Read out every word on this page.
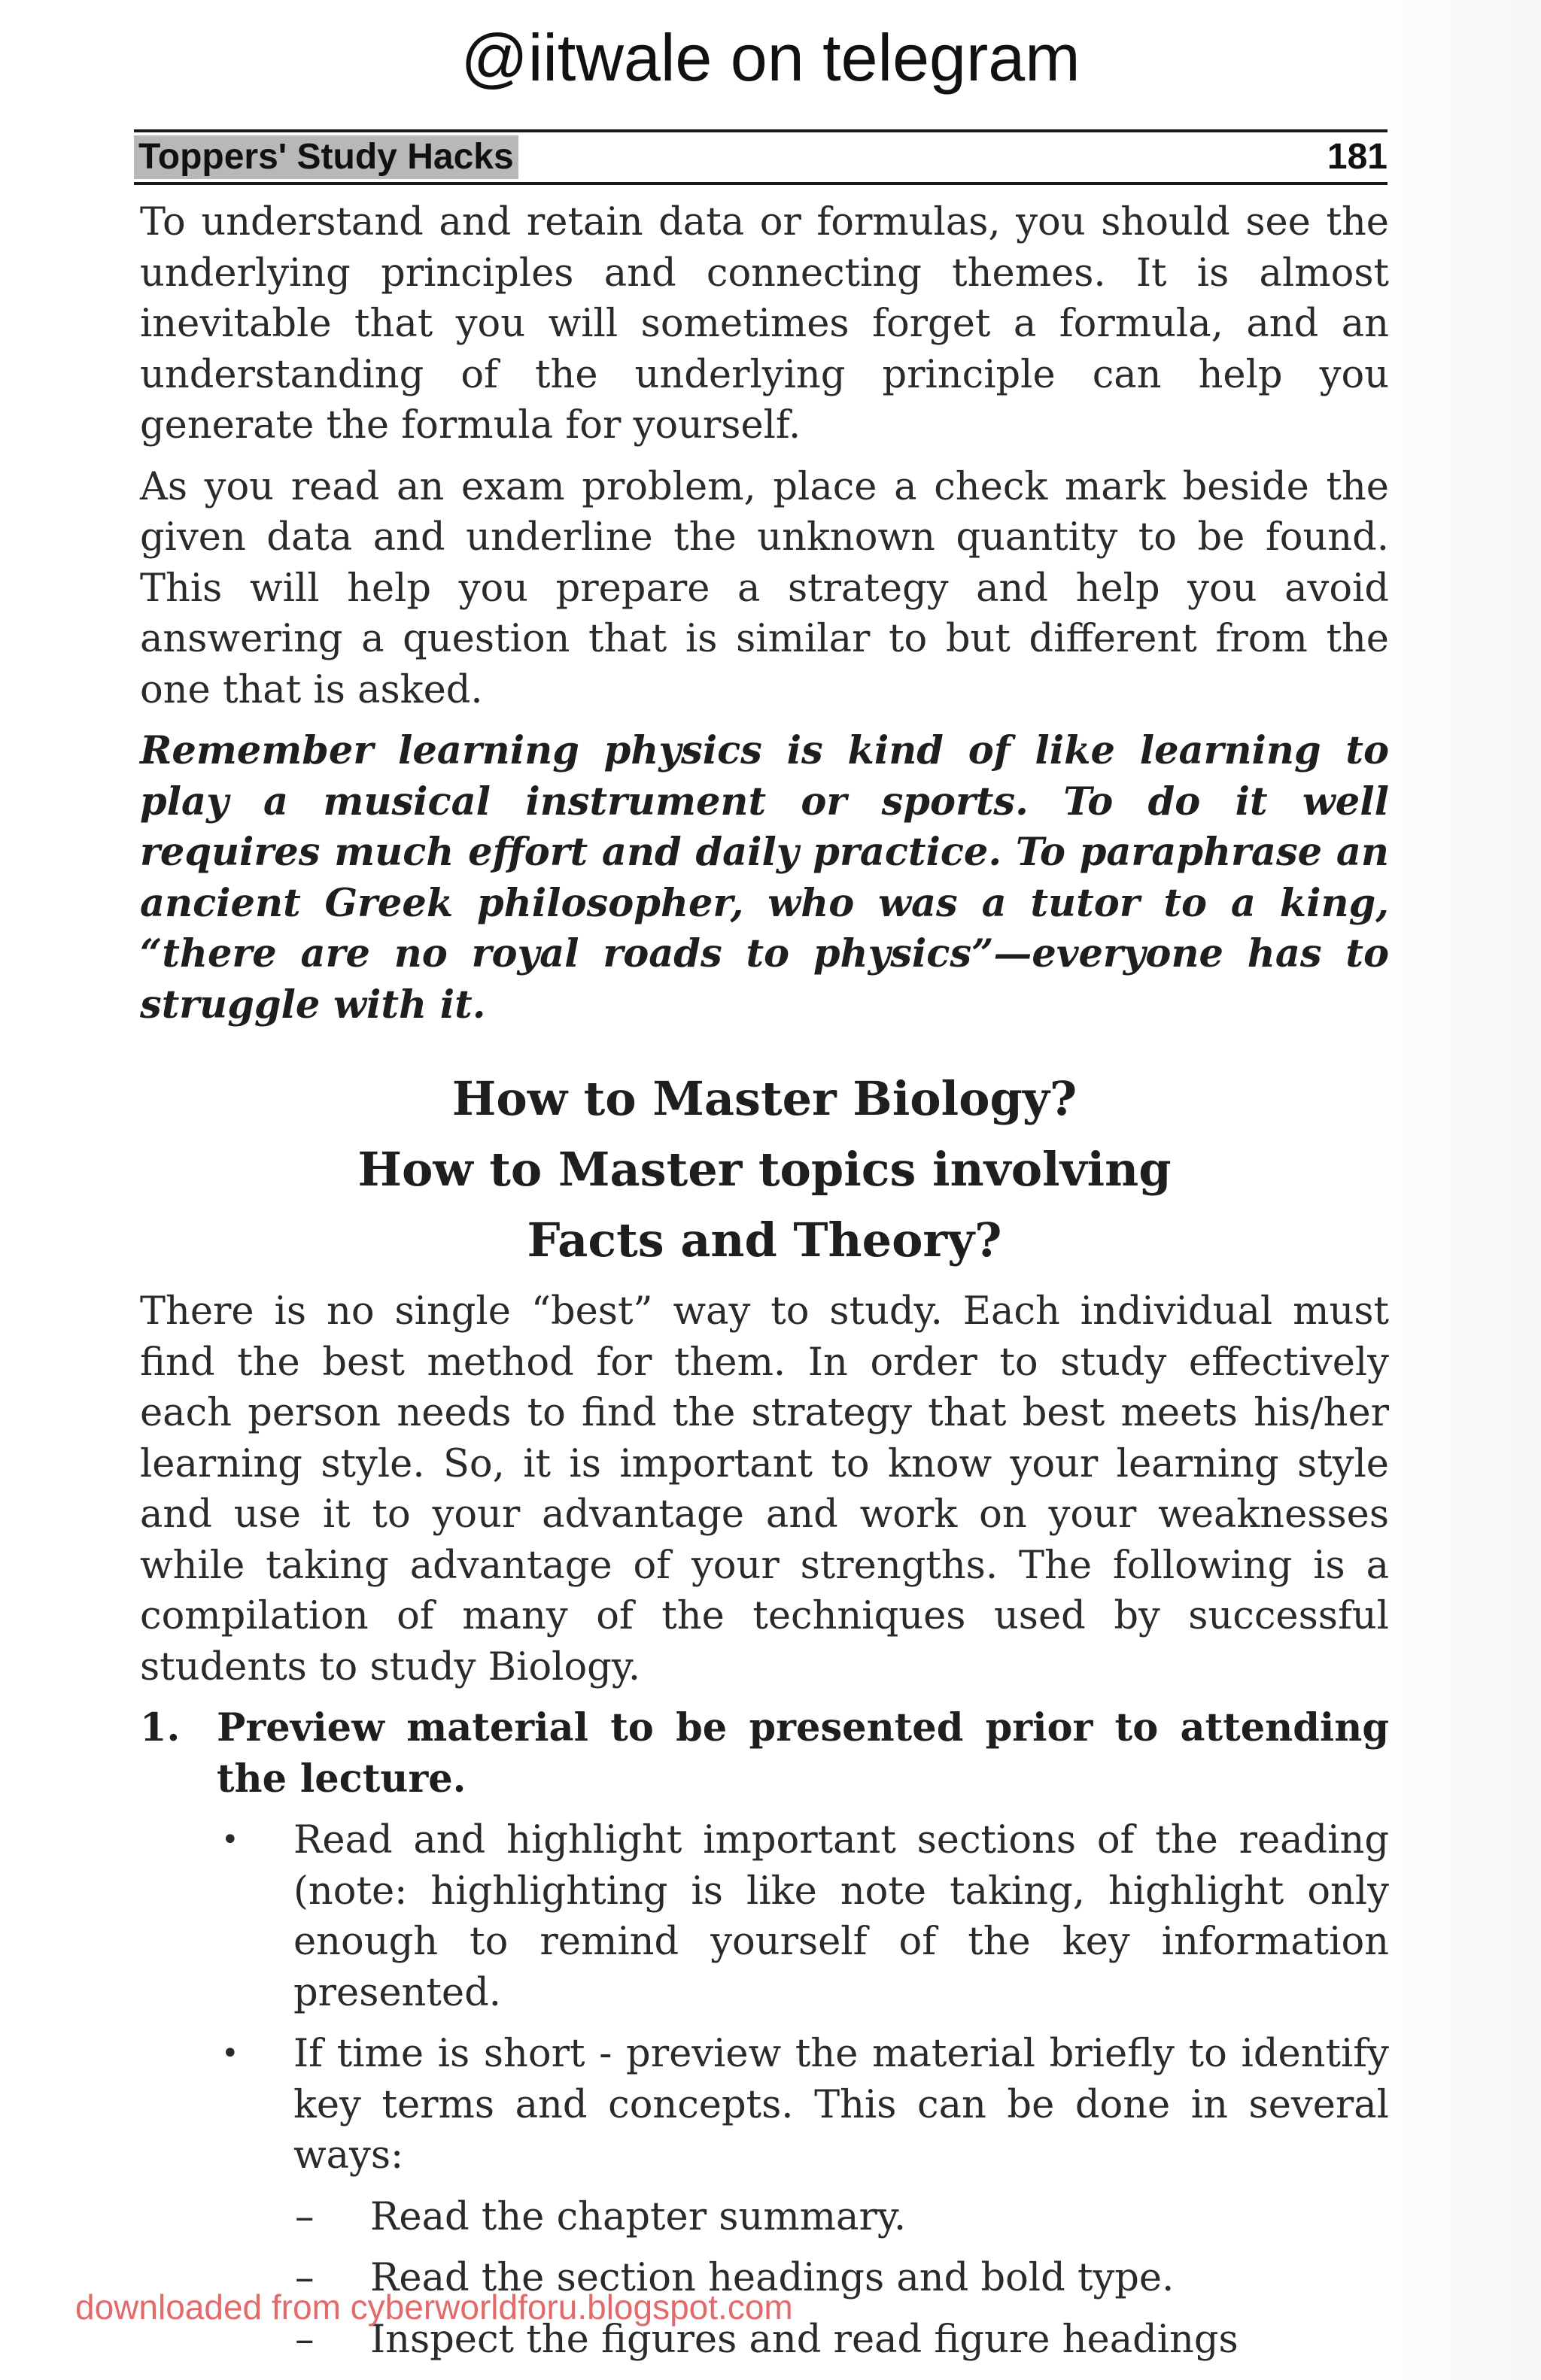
@iitwale on telegram
Toppers' Study Hacks	181

To understand and retain data or formulas, you should see the underlying principles and connecting themes. It is almost inevitable that you will sometimes forget a formula, and an understanding of the underlying principle can help you generate the formula for yourself.

As you read an exam problem, place a check mark beside the given data and underline the unknown quantity to be found. This will help you prepare a strategy and help you avoid answering a question that is similar to but different from the one that is asked.

Remember learning physics is kind of like learning to play a musical instrument or sports. To do it well requires much effort and daily practice. To paraphrase an ancient Greek philosopher, who was a tutor to a king, “there are no royal roads to physics”—everyone has to struggle with it.

How to Master Biology?
How to Master topics involving
Facts and Theory?

There is no single “best” way to study. Each individual must find the best method for them. In order to study effectively each person needs to find the strategy that best meets his/her learning style. So, it is important to know your learning style and use it to your advantage and work on your weaknesses while taking advantage of your strengths. The following is a compilation of many of the techniques used by successful students to study Biology.

1. Preview material to be presented prior to attending the lecture.
• Read and highlight important sections of the reading (note: highlighting is like note taking, highlight only enough to remind yourself of the key information presented.
• If time is short - preview the material briefly to identify key terms and concepts. This can be done in several ways:
– Read the chapter summary.
– Read the section headings and bold type.
– Inspect the figures and read figure headings
downloaded from cyberworldforu.blogspot.com
